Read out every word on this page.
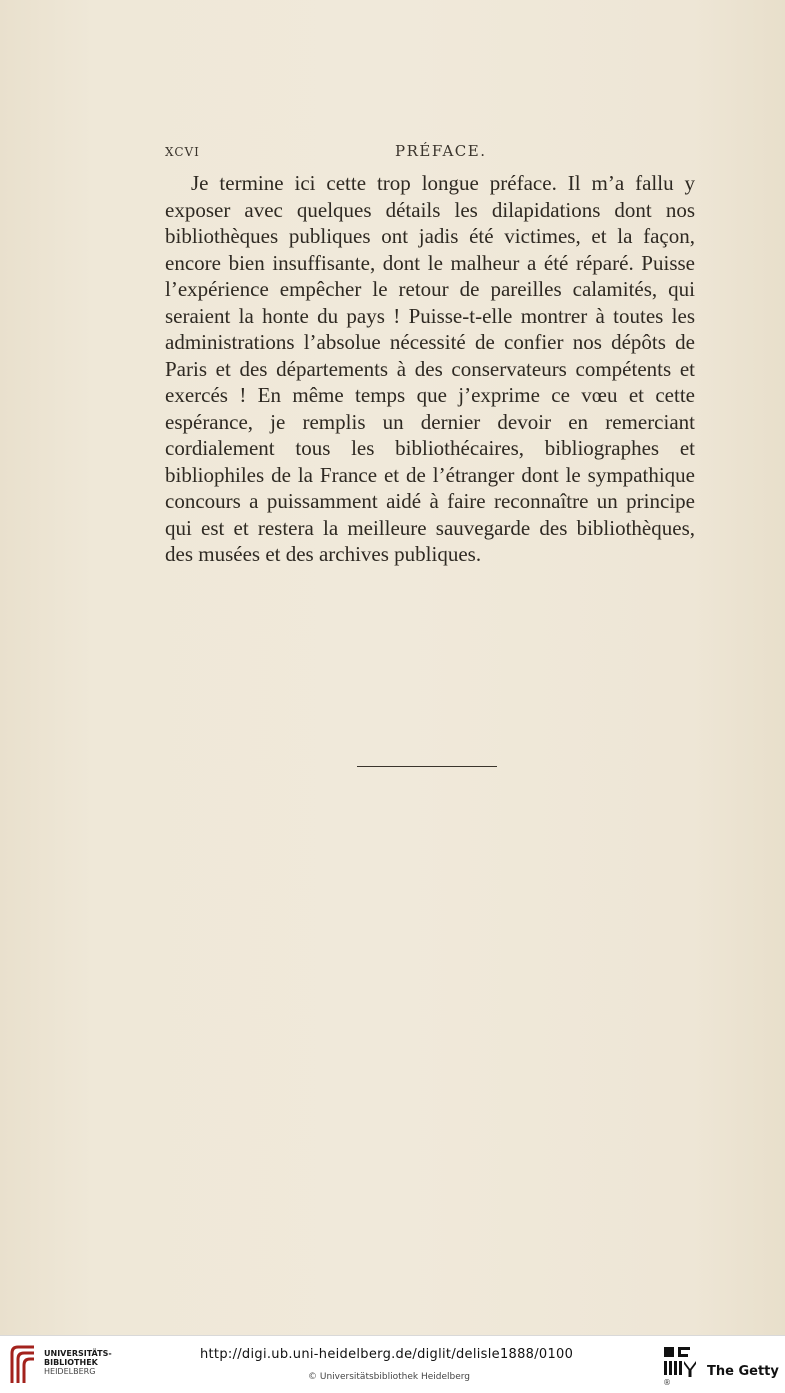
XCVI	PRÉFACE.

Je termine ici cette trop longue préface. Il m’a fallu y exposer avec quelques détails les dilapidations dont nos bibliothèques publiques ont jadis été victimes, et la façon, encore bien insuffisante, dont le malheur a été réparé. Puisse l’expérience empêcher le retour de pareilles calamités, qui seraient la honte du pays ! Puisse-t-elle montrer à toutes les administrations l’absolue nécessité de confier nos dépôts de Paris et des départements à des conservateurs compétents et exercés ! En même temps que j’exprime ce vœu et cette espérance, je remplis un dernier devoir en remerciant cordialement tous les bibliothécaires, bibliographes et bibliophiles de la France et de l’étranger dont le sympathique concours a puissamment aidé à faire reconnaître un principe qui est et restera la meilleure sauvegarde des bibliothèques, des musées et des archives publiques.

UNIVERSITÄTS-
BIBLIOTHEK
HEIDELBERG
http://digi.ub.uni-heidelberg.de/diglit/delisle1888/0100
© Universitätsbibliothek Heidelberg
®
The Getty
